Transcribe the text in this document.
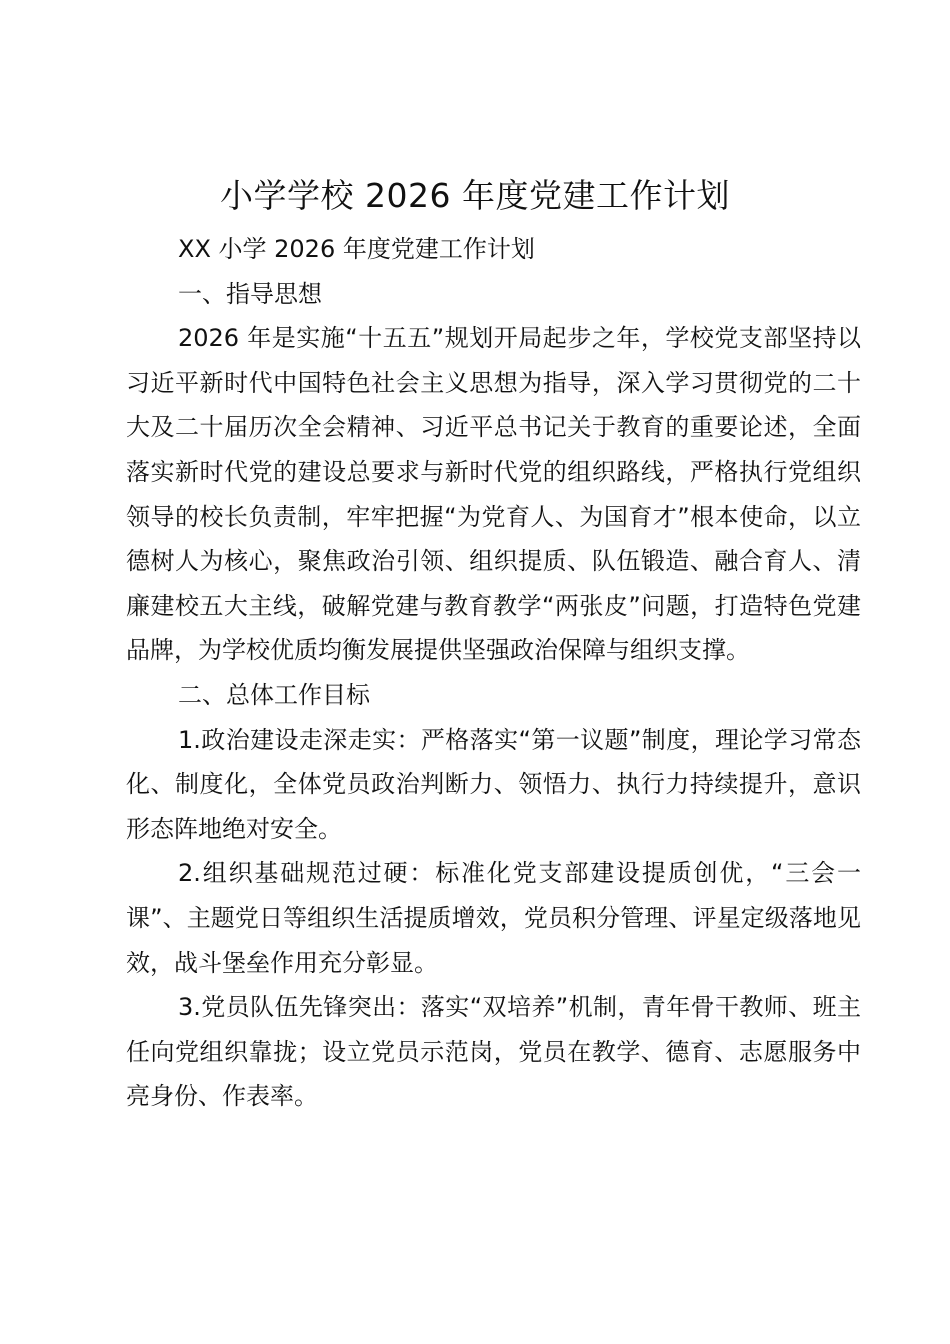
小学学校 2026 年度党建工作计划

XX 小学 2026 年度党建工作计划

一、指导思想

2026 年是实施“十五五”规划开局起步之年，学校党支部坚持以习近平新时代中国特色社会主义思想为指导，深入学习贯彻党的二十大及二十届历次全会精神、习近平总书记关于教育的重要论述，全面落实新时代党的建设总要求与新时代党的组织路线，严格执行党组织领导的校长负责制，牢牢把握“为党育人、为国育才”根本使命，以立德树人为核心，聚焦政治引领、组织提质、队伍锻造、融合育人、清廉建校五大主线，破解党建与教育教学“两张皮”问题，打造特色党建品牌，为学校优质均衡发展提供坚强政治保障与组织支撑。

二、总体工作目标

1.政治建设走深走实：严格落实“第一议题”制度，理论学习常态化、制度化，全体党员政治判断力、领悟力、执行力持续提升，意识形态阵地绝对安全。

2.组织基础规范过硬：标准化党支部建设提质创优，“三会一课”、主题党日等组织生活提质增效，党员积分管理、评星定级落地见效，战斗堡垒作用充分彰显。

3.党员队伍先锋突出：落实“双培养”机制，青年骨干教师、班主任向党组织靠拢；设立党员示范岗，党员在教学、德育、志愿服务中亮身份、作表率。
